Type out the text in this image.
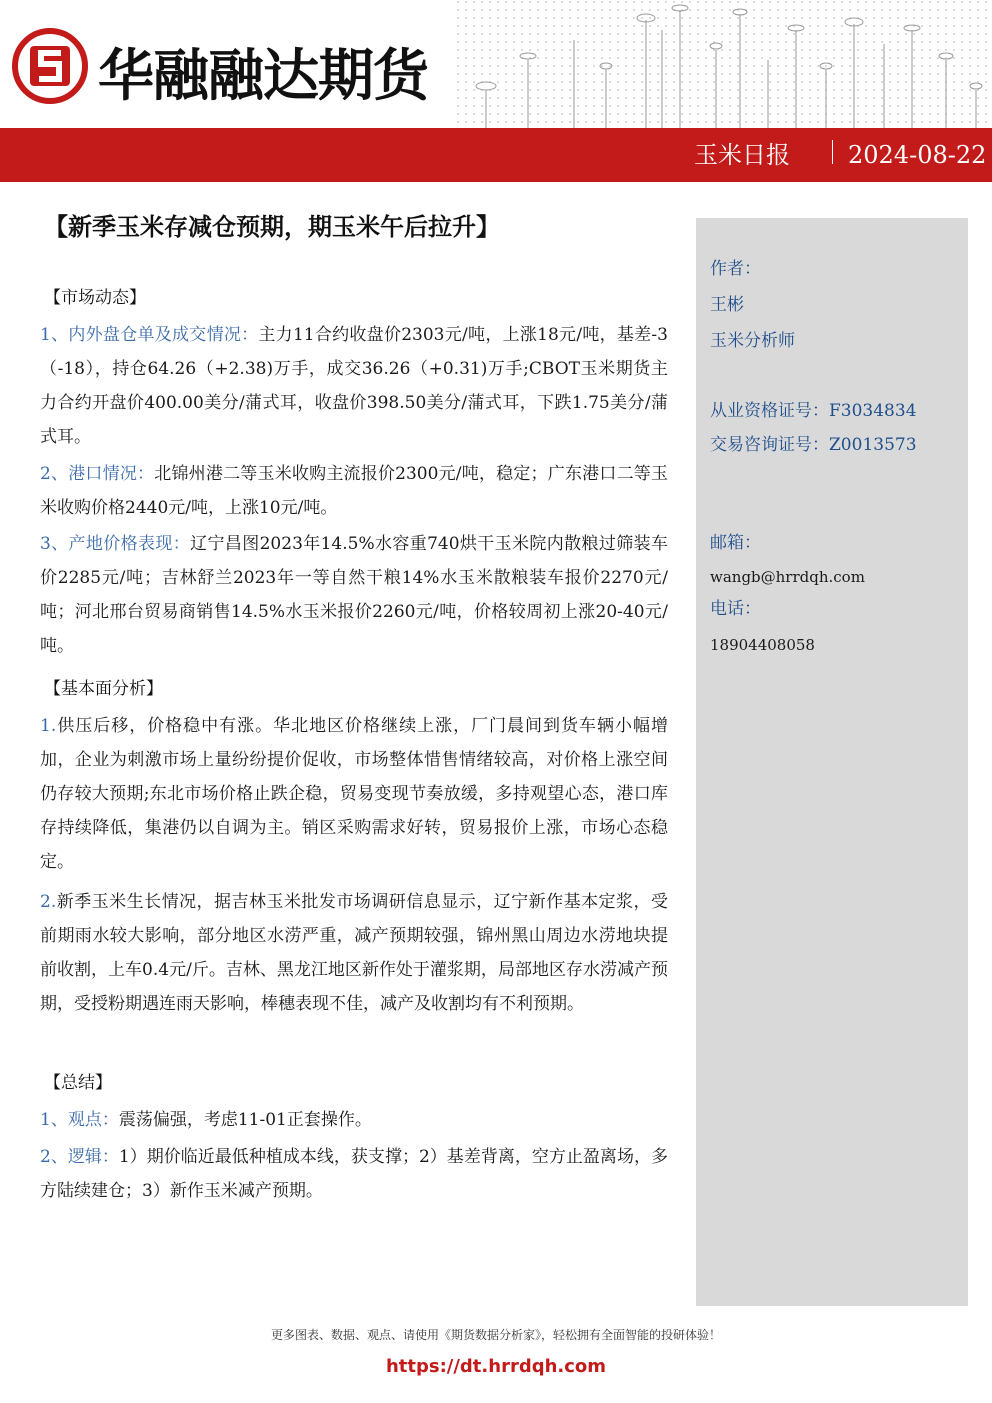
华融融达期货
玉米日报 2024-08-22
作者：
王彬
玉米分析师
从业资格证号：F3034834
交易咨询证号：Z0013573
邮箱：
wangb@hrrdqh.com
电话：
18904408058
【新季玉米存减仓预期，期玉米午后拉升】
【市场动态】
1、内外盘仓单及成交情况：主力11合约收盘价2303元/吨，上涨18元/吨，基差-3（-18），持仓64.26（+2.38)万手，成交36.26（+0.31)万手;CBOT玉米期货主力合约开盘价400.00美分/蒲式耳，收盘价398.50美分/蒲式耳，下跌1.75美分/蒲式耳。
2、港口情况：北锦州港二等玉米收购主流报价2300元/吨，稳定；广东港口二等玉米收购价格2440元/吨，上涨10元/吨。
3、产地价格表现：辽宁昌图2023年14.5%水容重740烘干玉米院内散粮过筛装车价2285元/吨；吉林舒兰2023年一等自然干粮14%水玉米散粮装车报价2270元/吨；河北邢台贸易商销售14.5%水玉米报价2260元/吨，价格较周初上涨20-40元/吨。
【基本面分析】
1.供压后移，价格稳中有涨。华北地区价格继续上涨，厂门晨间到货车辆小幅增加，企业为刺激市场上量纷纷提价促收，市场整体惜售情绪较高，对价格上涨空间仍存较大预期;东北市场价格止跌企稳，贸易变现节奏放缓，多持观望心态，港口库存持续降低，集港仍以自调为主。销区采购需求好转，贸易报价上涨，市场心态稳定。
2.新季玉米生长情况，据吉林玉米批发市场调研信息显示，辽宁新作基本定浆，受前期雨水较大影响，部分地区水涝严重，减产预期较强，锦州黑山周边水涝地块提前收割，上车0.4元/斤。吉林、黑龙江地区新作处于灌浆期，局部地区存水涝减产预期，受授粉期遇连雨天影响，棒穗表现不佳，减产及收割均有不利预期。
【总结】
1、观点：震荡偏强，考虑11-01正套操作。
2、逻辑：1）期价临近最低种植成本线，获支撑；2）基差背离，空方止盈离场，多方陆续建仓；3）新作玉米减产预期。
更多图表、数据、观点、请使用《期货数据分析家》，轻松拥有全面智能的投研体验！
https://dt.hrrdqh.com
